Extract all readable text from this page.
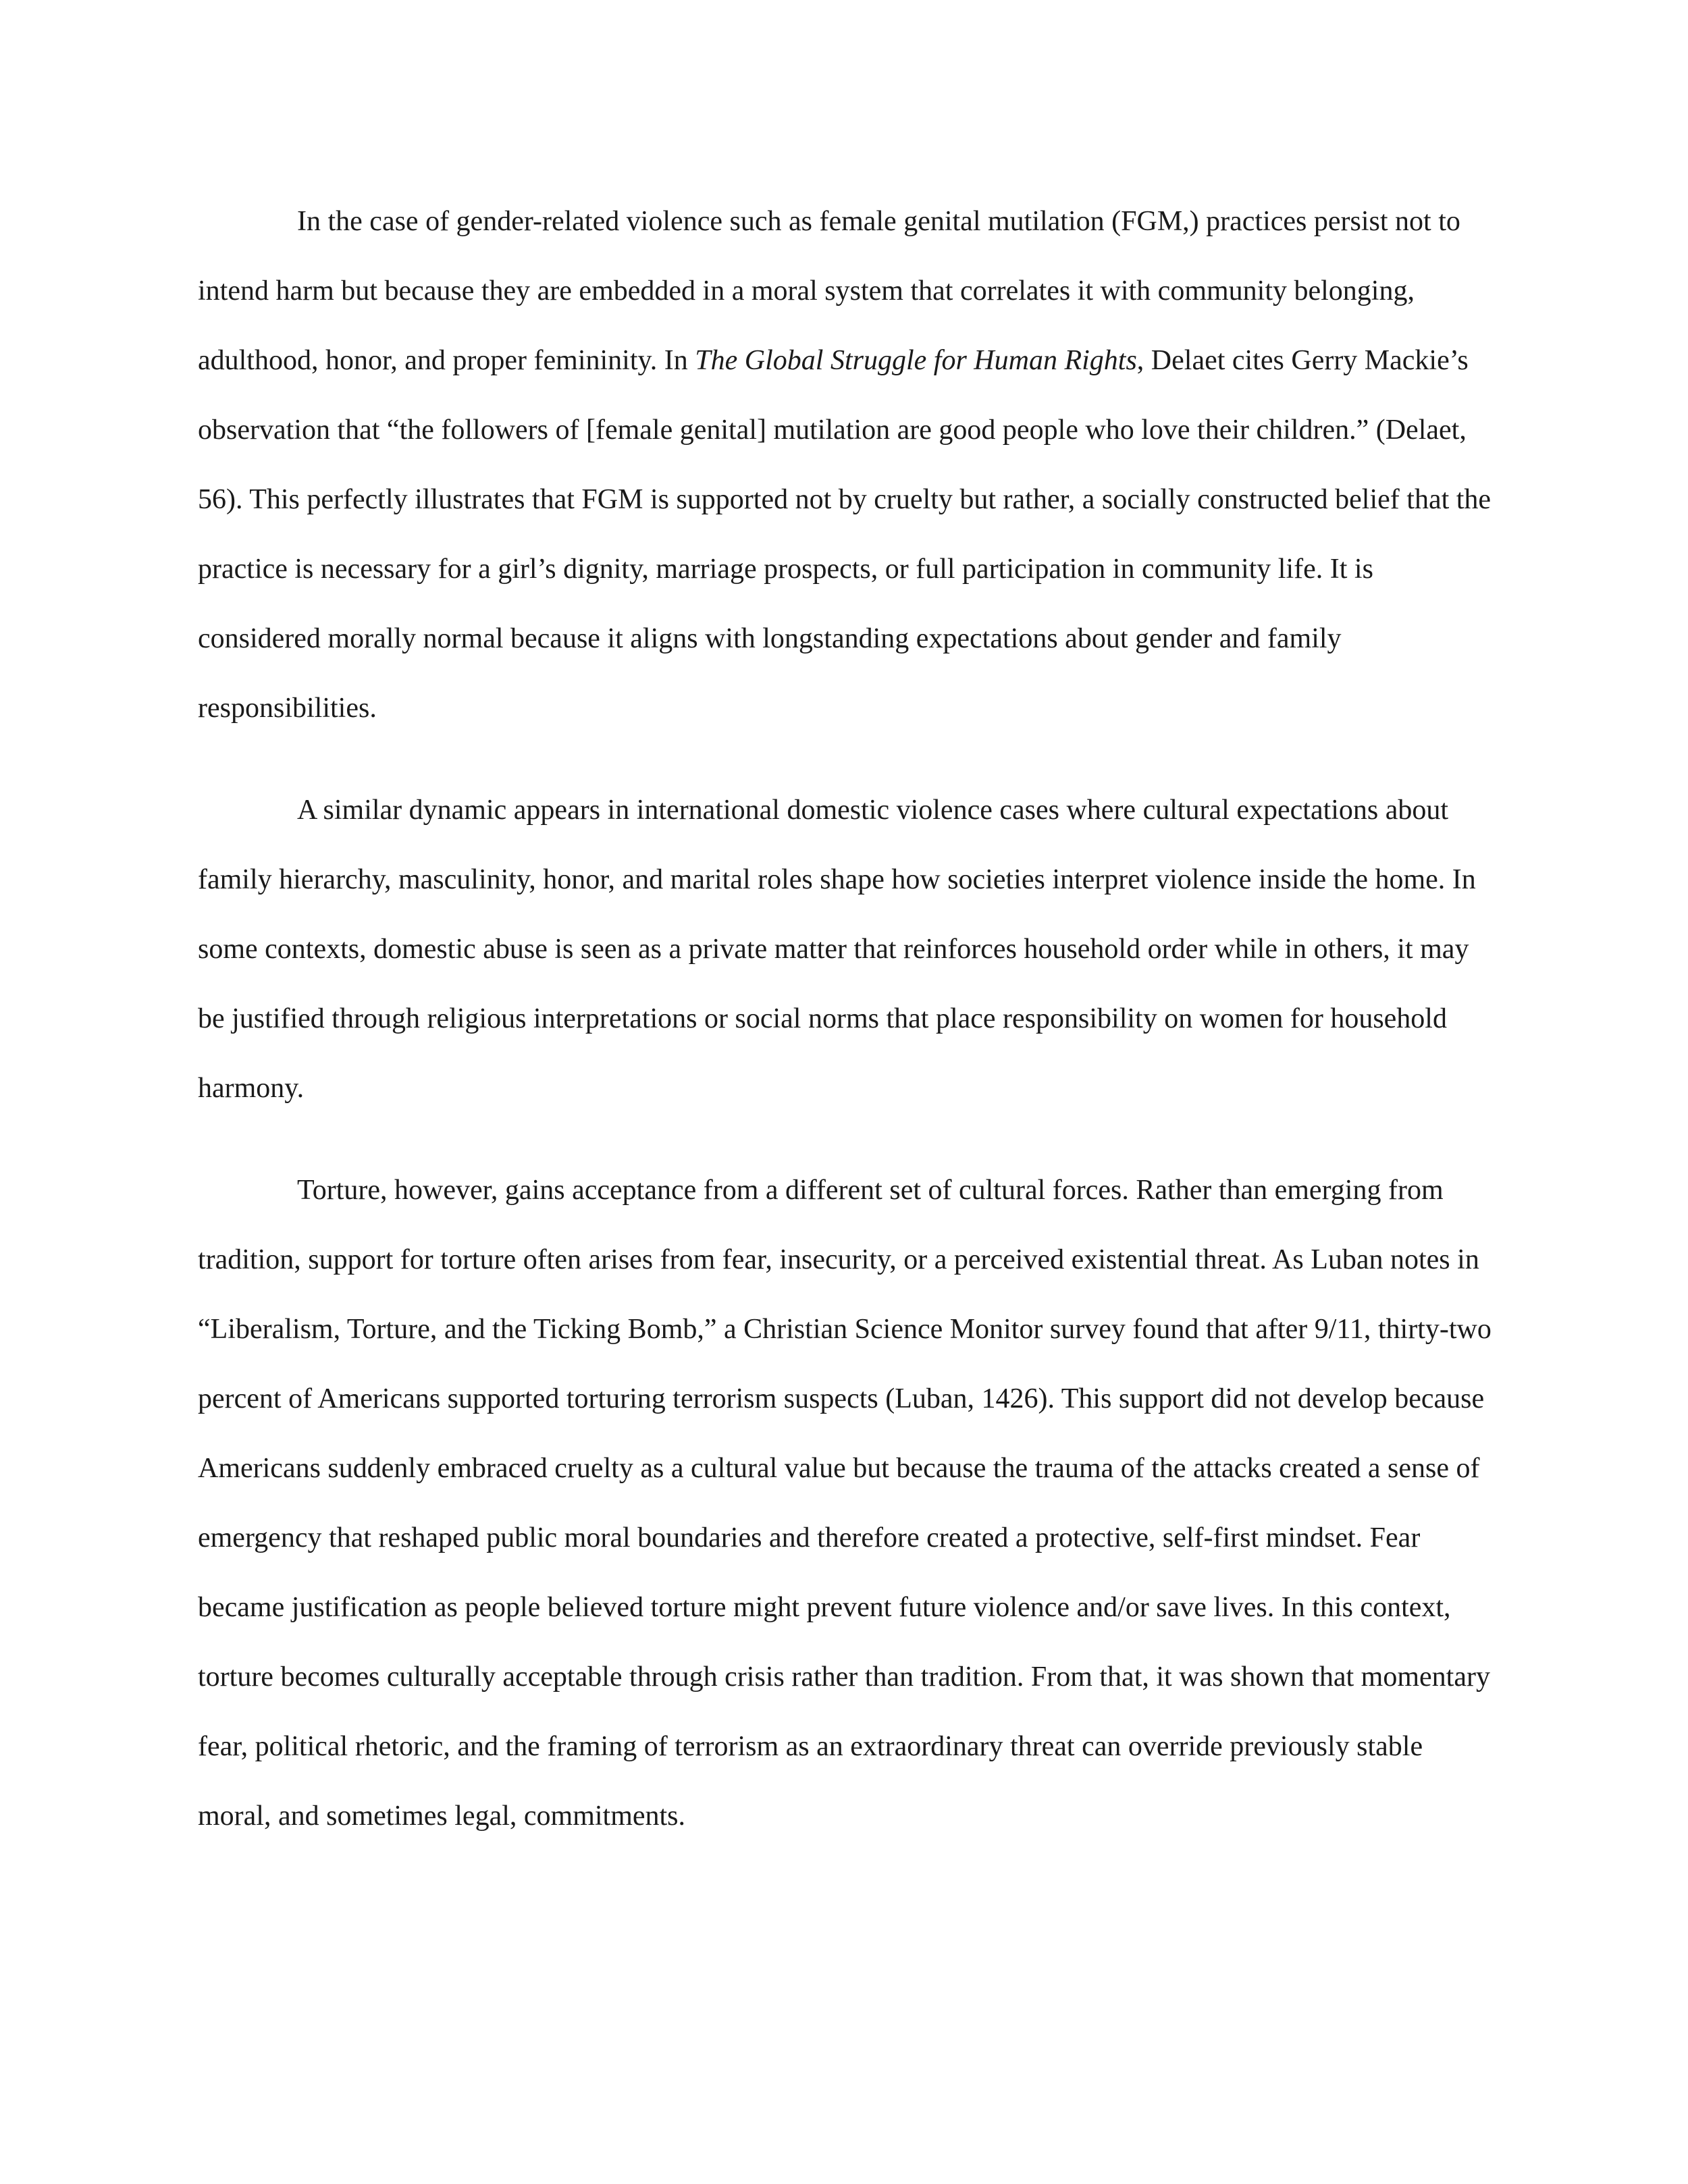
In the case of gender-related violence such as female genital mutilation (FGM,) practices persist not to intend harm but because they are embedded in a moral system that correlates it with community belonging, adulthood, honor, and proper femininity. In The Global Struggle for Human Rights, Delaet cites Gerry Mackie’s observation that “the followers of [female genital] mutilation are good people who love their children.” (Delaet, 56). This perfectly illustrates that FGM is supported not by cruelty but rather, a socially constructed belief that the practice is necessary for a girl’s dignity, marriage prospects, or full participation in community life. It is considered morally normal because it aligns with longstanding expectations about gender and family responsibilities.

A similar dynamic appears in international domestic violence cases where cultural expectations about family hierarchy, masculinity, honor, and marital roles shape how societies interpret violence inside the home. In some contexts, domestic abuse is seen as a private matter that reinforces household order while in others, it may be justified through religious interpretations or social norms that place responsibility on women for household harmony.

Torture, however, gains acceptance from a different set of cultural forces. Rather than emerging from tradition, support for torture often arises from fear, insecurity, or a perceived existential threat. As Luban notes in “Liberalism, Torture, and the Ticking Bomb,” a Christian Science Monitor survey found that after 9/11, thirty-two percent of Americans supported torturing terrorism suspects (Luban, 1426). This support did not develop because Americans suddenly embraced cruelty as a cultural value but because the trauma of the attacks created a sense of emergency that reshaped public moral boundaries and therefore created a protective, self-first mindset. Fear became justification as people believed torture might prevent future violence and/or save lives. In this context, torture becomes culturally acceptable through crisis rather than tradition. From that, it was shown that momentary fear, political rhetoric, and the framing of terrorism as an extraordinary threat can override previously stable moral, and sometimes legal, commitments.
